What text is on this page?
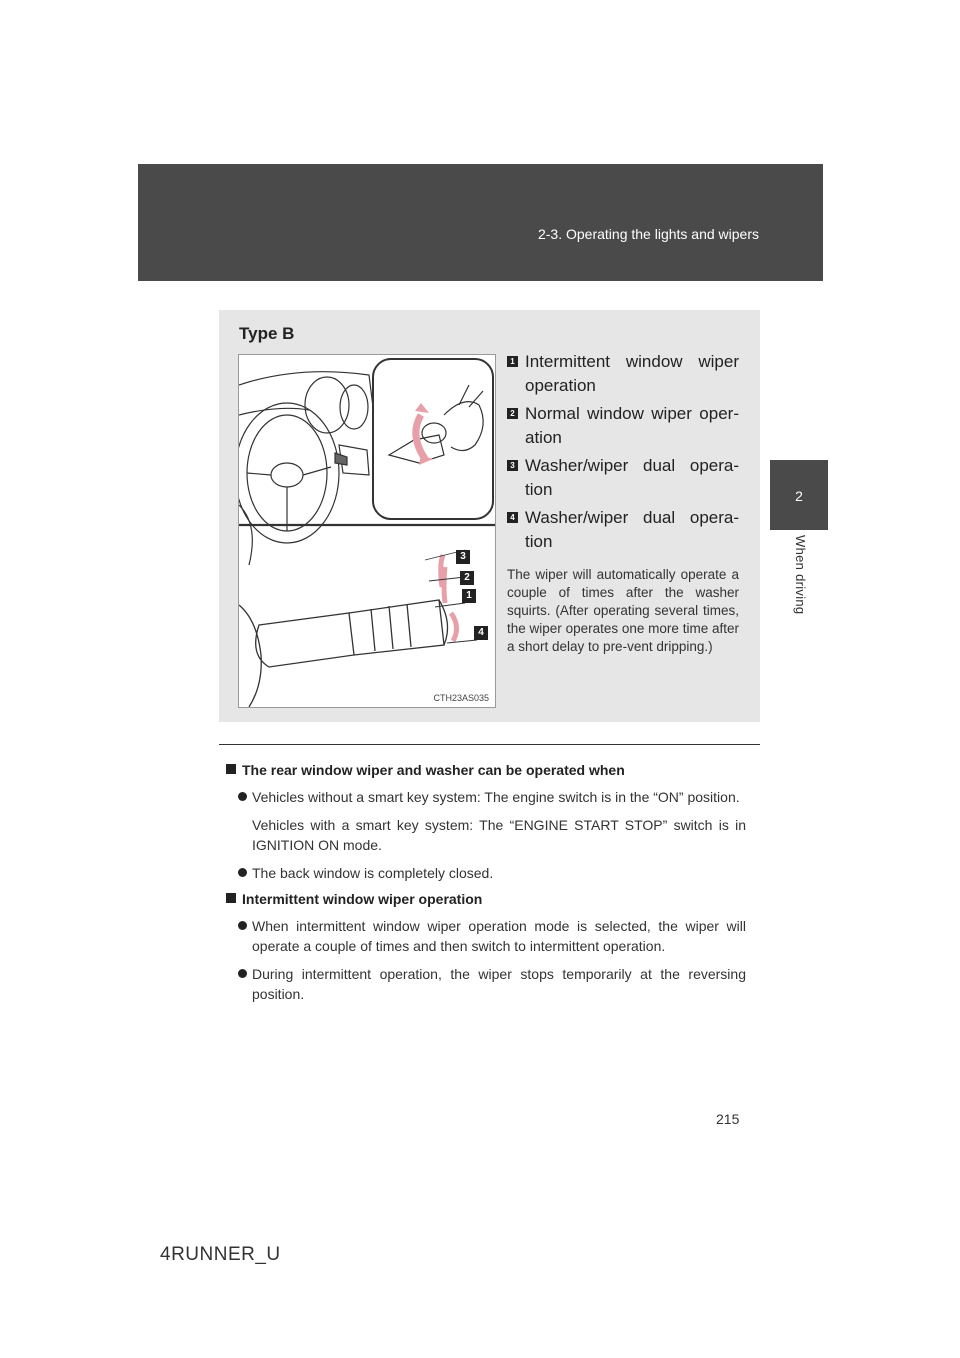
2-3. Operating the lights and wipers
2
When driving
Type B
CTH23AS035
3
2
1
4
1 Intermittent window wiper operation
2 Normal window wiper oper-ation
3 Washer/wiper dual opera-tion
4 Washer/wiper dual opera-tion
The wiper will automatically operate a couple of times after the washer squirts. (After operating several times, the wiper operates one more time after a short delay to pre-vent dripping.)
The rear window wiper and washer can be operated when
Vehicles without a smart key system: The engine switch is in the “ON” position.
Vehicles with a smart key system: The “ENGINE START STOP” switch is in IGNITION ON mode.
The back window is completely closed.
Intermittent window wiper operation
When intermittent window wiper operation mode is selected, the wiper will operate a couple of times and then switch to intermittent operation.
During intermittent operation, the wiper stops temporarily at the reversing position.
215
4RUNNER_U
